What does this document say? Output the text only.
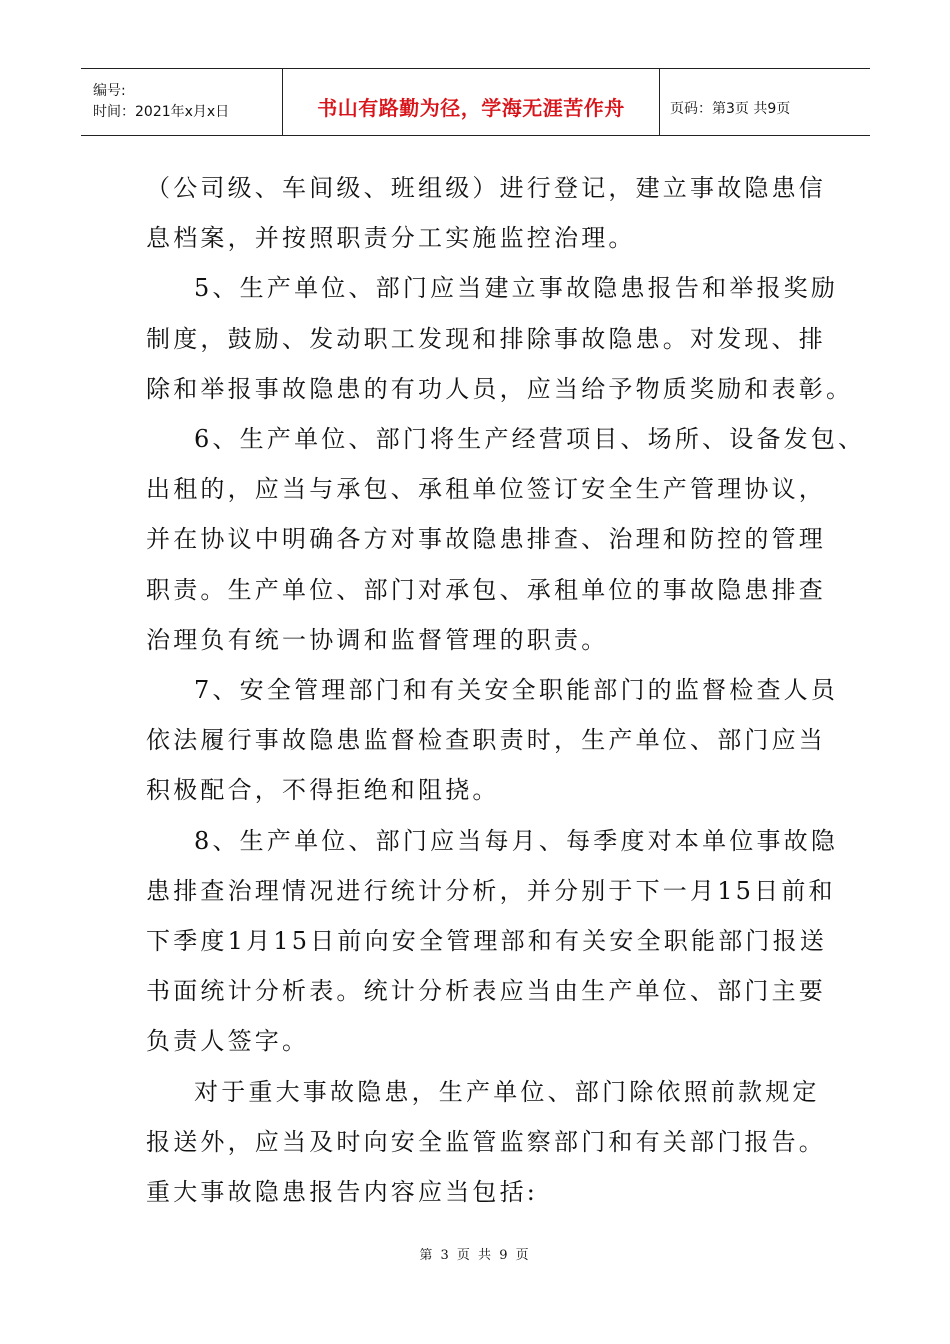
编号:
时间：2021年x月x日	书山有路勤为径，学海无涯苦作舟	页码：第3页 共9页
（公司级、车间级、班组级）进行登记，建立事故隐患信
息档案，并按照职责分工实施监控治理。
5、生产单位、部门应当建立事故隐患报告和举报奖励
制度，鼓励、发动职工发现和排除事故隐患。对发现、排
除和举报事故隐患的有功人员，应当给予物质奖励和表彰。
6、生产单位、部门将生产经营项目、场所、设备发包、
出租的，应当与承包、承租单位签订安全生产管理协议，
并在协议中明确各方对事故隐患排查、治理和防控的管理
职责。生产单位、部门对承包、承租单位的事故隐患排查
治理负有统一协调和监督管理的职责。
7、安全管理部门和有关安全职能部门的监督检查人员
依法履行事故隐患监督检查职责时，生产单位、部门应当
积极配合，不得拒绝和阻挠。
8、生产单位、部门应当每月、每季度对本单位事故隐
患排查治理情况进行统计分析，并分别于下一月15日前和
下季度1月15日前向安全管理部和有关安全职能部门报送
书面统计分析表。统计分析表应当由生产单位、部门主要
负责人签字。
对于重大事故隐患，生产单位、部门除依照前款规定
报送外，应当及时向安全监管监察部门和有关部门报告。
重大事故隐患报告内容应当包括:
第 3 页 共 9 页
